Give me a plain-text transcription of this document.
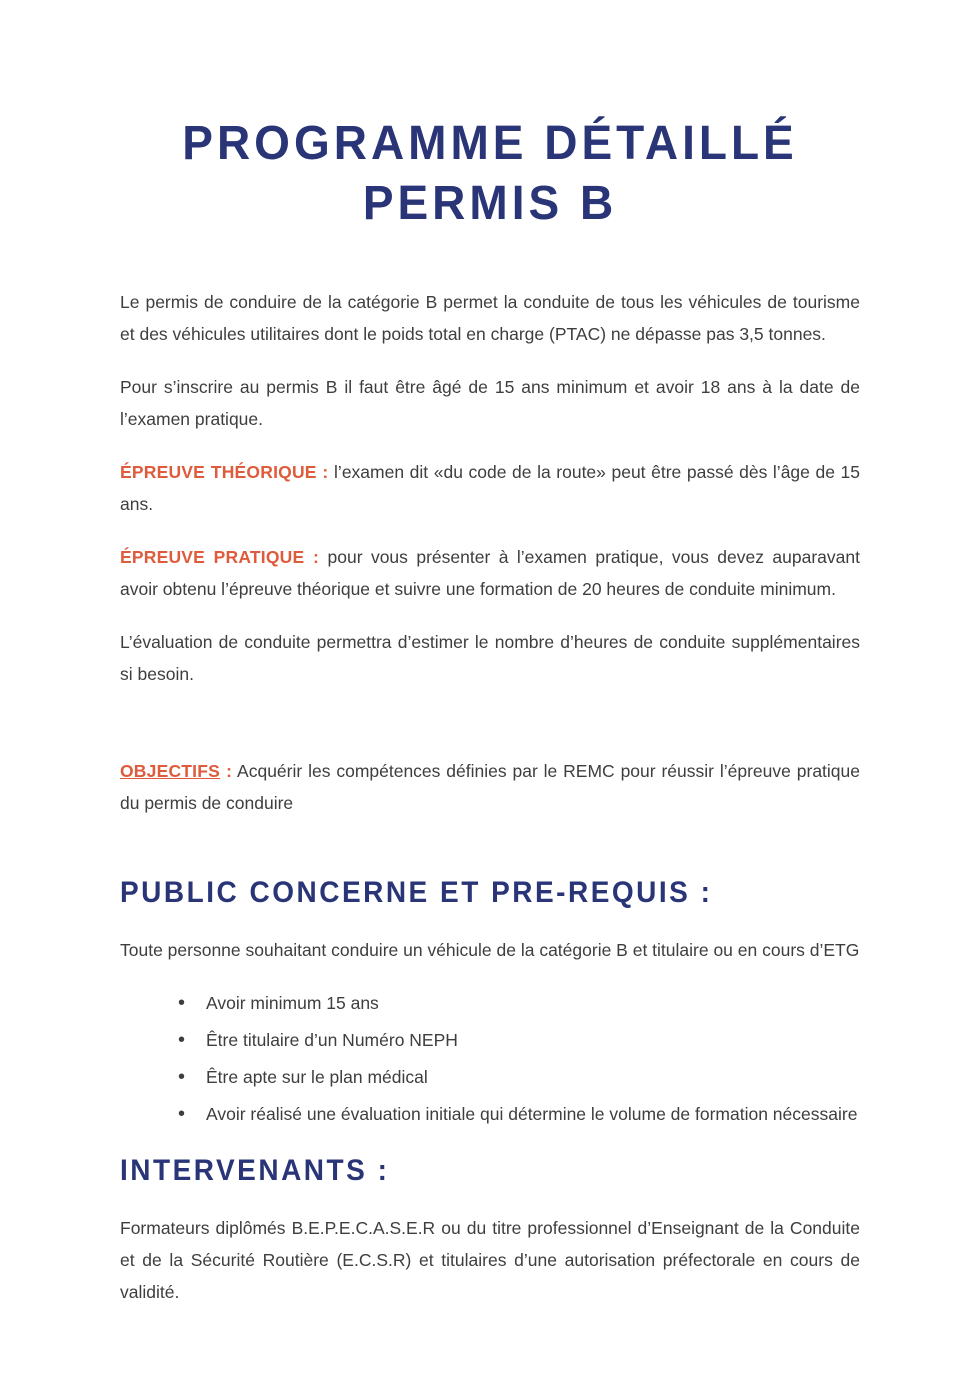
PROGRAMME DÉTAILLÉ
PERMIS B

Le permis de conduire de la catégorie B permet la conduite de tous les véhicules de tourisme et des véhicules utilitaires dont le poids total en charge (PTAC) ne dépasse pas 3,5 tonnes.

Pour s’inscrire au permis B il faut être âgé de 15 ans minimum et avoir 18 ans à la date de l’examen pratique.

ÉPREUVE THÉORIQUE : l’examen dit «du code de la route» peut être passé dès l’âge de 15 ans.

ÉPREUVE PRATIQUE : pour vous présenter à l’examen pratique, vous devez auparavant avoir obtenu l’épreuve théorique et suivre une formation de 20 heures de conduite minimum.

L’évaluation de conduite permettra d’estimer le nombre d’heures de conduite supplémentaires si besoin.

OBJECTIFS : Acquérir les compétences définies par le REMC pour réussir l’épreuve pratique du permis de conduire

PUBLIC CONCERNE ET PRE-REQUIS :

Toute personne souhaitant conduire un véhicule de la catégorie B et titulaire ou en cours d’ETG

• Avoir minimum 15 ans
• Être titulaire d’un Numéro NEPH
• Être apte sur le plan médical
• Avoir réalisé une évaluation initiale qui détermine le volume de formation nécessaire
INTERVENANTS :

Formateurs diplômés B.E.P.E.C.A.S.E.R ou du titre professionnel d’Enseignant de la Conduite et de la Sécurité Routière (E.C.S.R) et titulaires d’une autorisation préfectorale en cours de validité.
